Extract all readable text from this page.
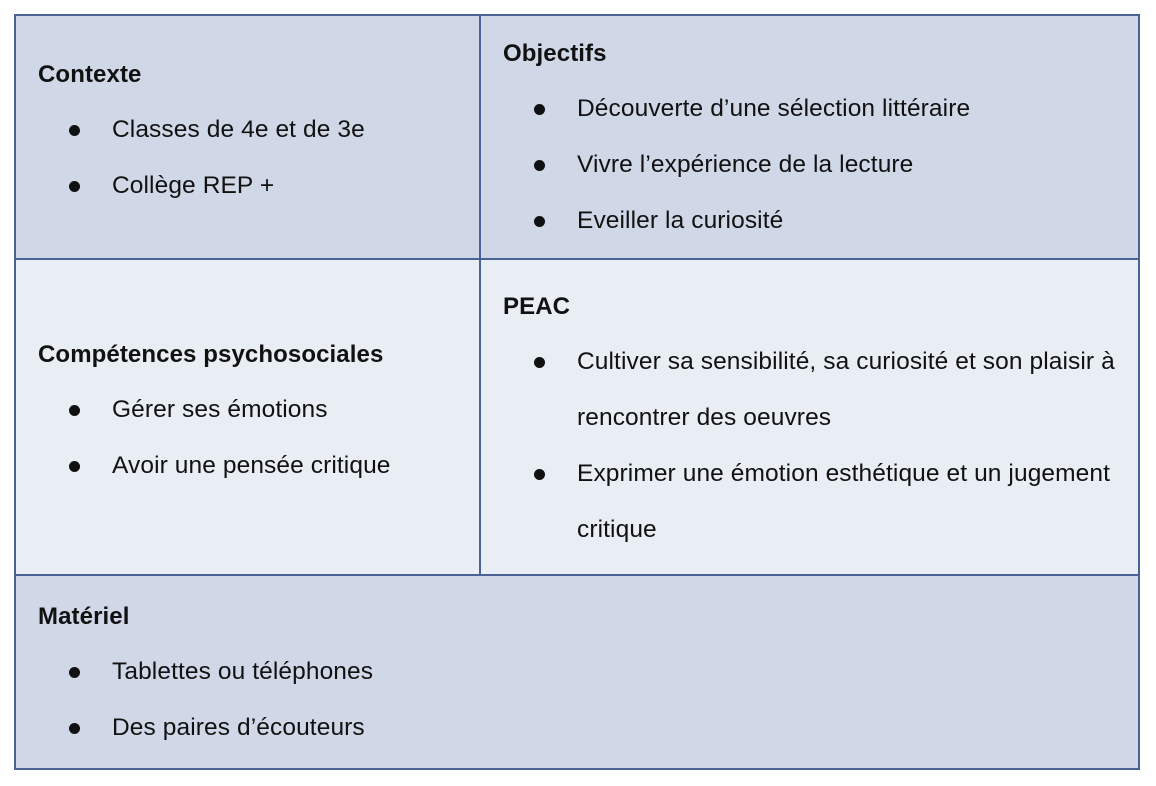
Contexte
Classes de 4e et de 3e
Collège REP +
Objectifs
Découverte d’une sélection littéraire
Vivre l’expérience de la lecture
Eveiller la curiosité
Compétences psychosociales
Gérer ses émotions
Avoir une pensée critique
PEAC
Cultiver sa sensibilité, sa curiosité et son plaisir à rencontrer des oeuvres
Exprimer une émotion esthétique et un jugement critique
Matériel
Tablettes ou téléphones
Des paires d’écouteurs
